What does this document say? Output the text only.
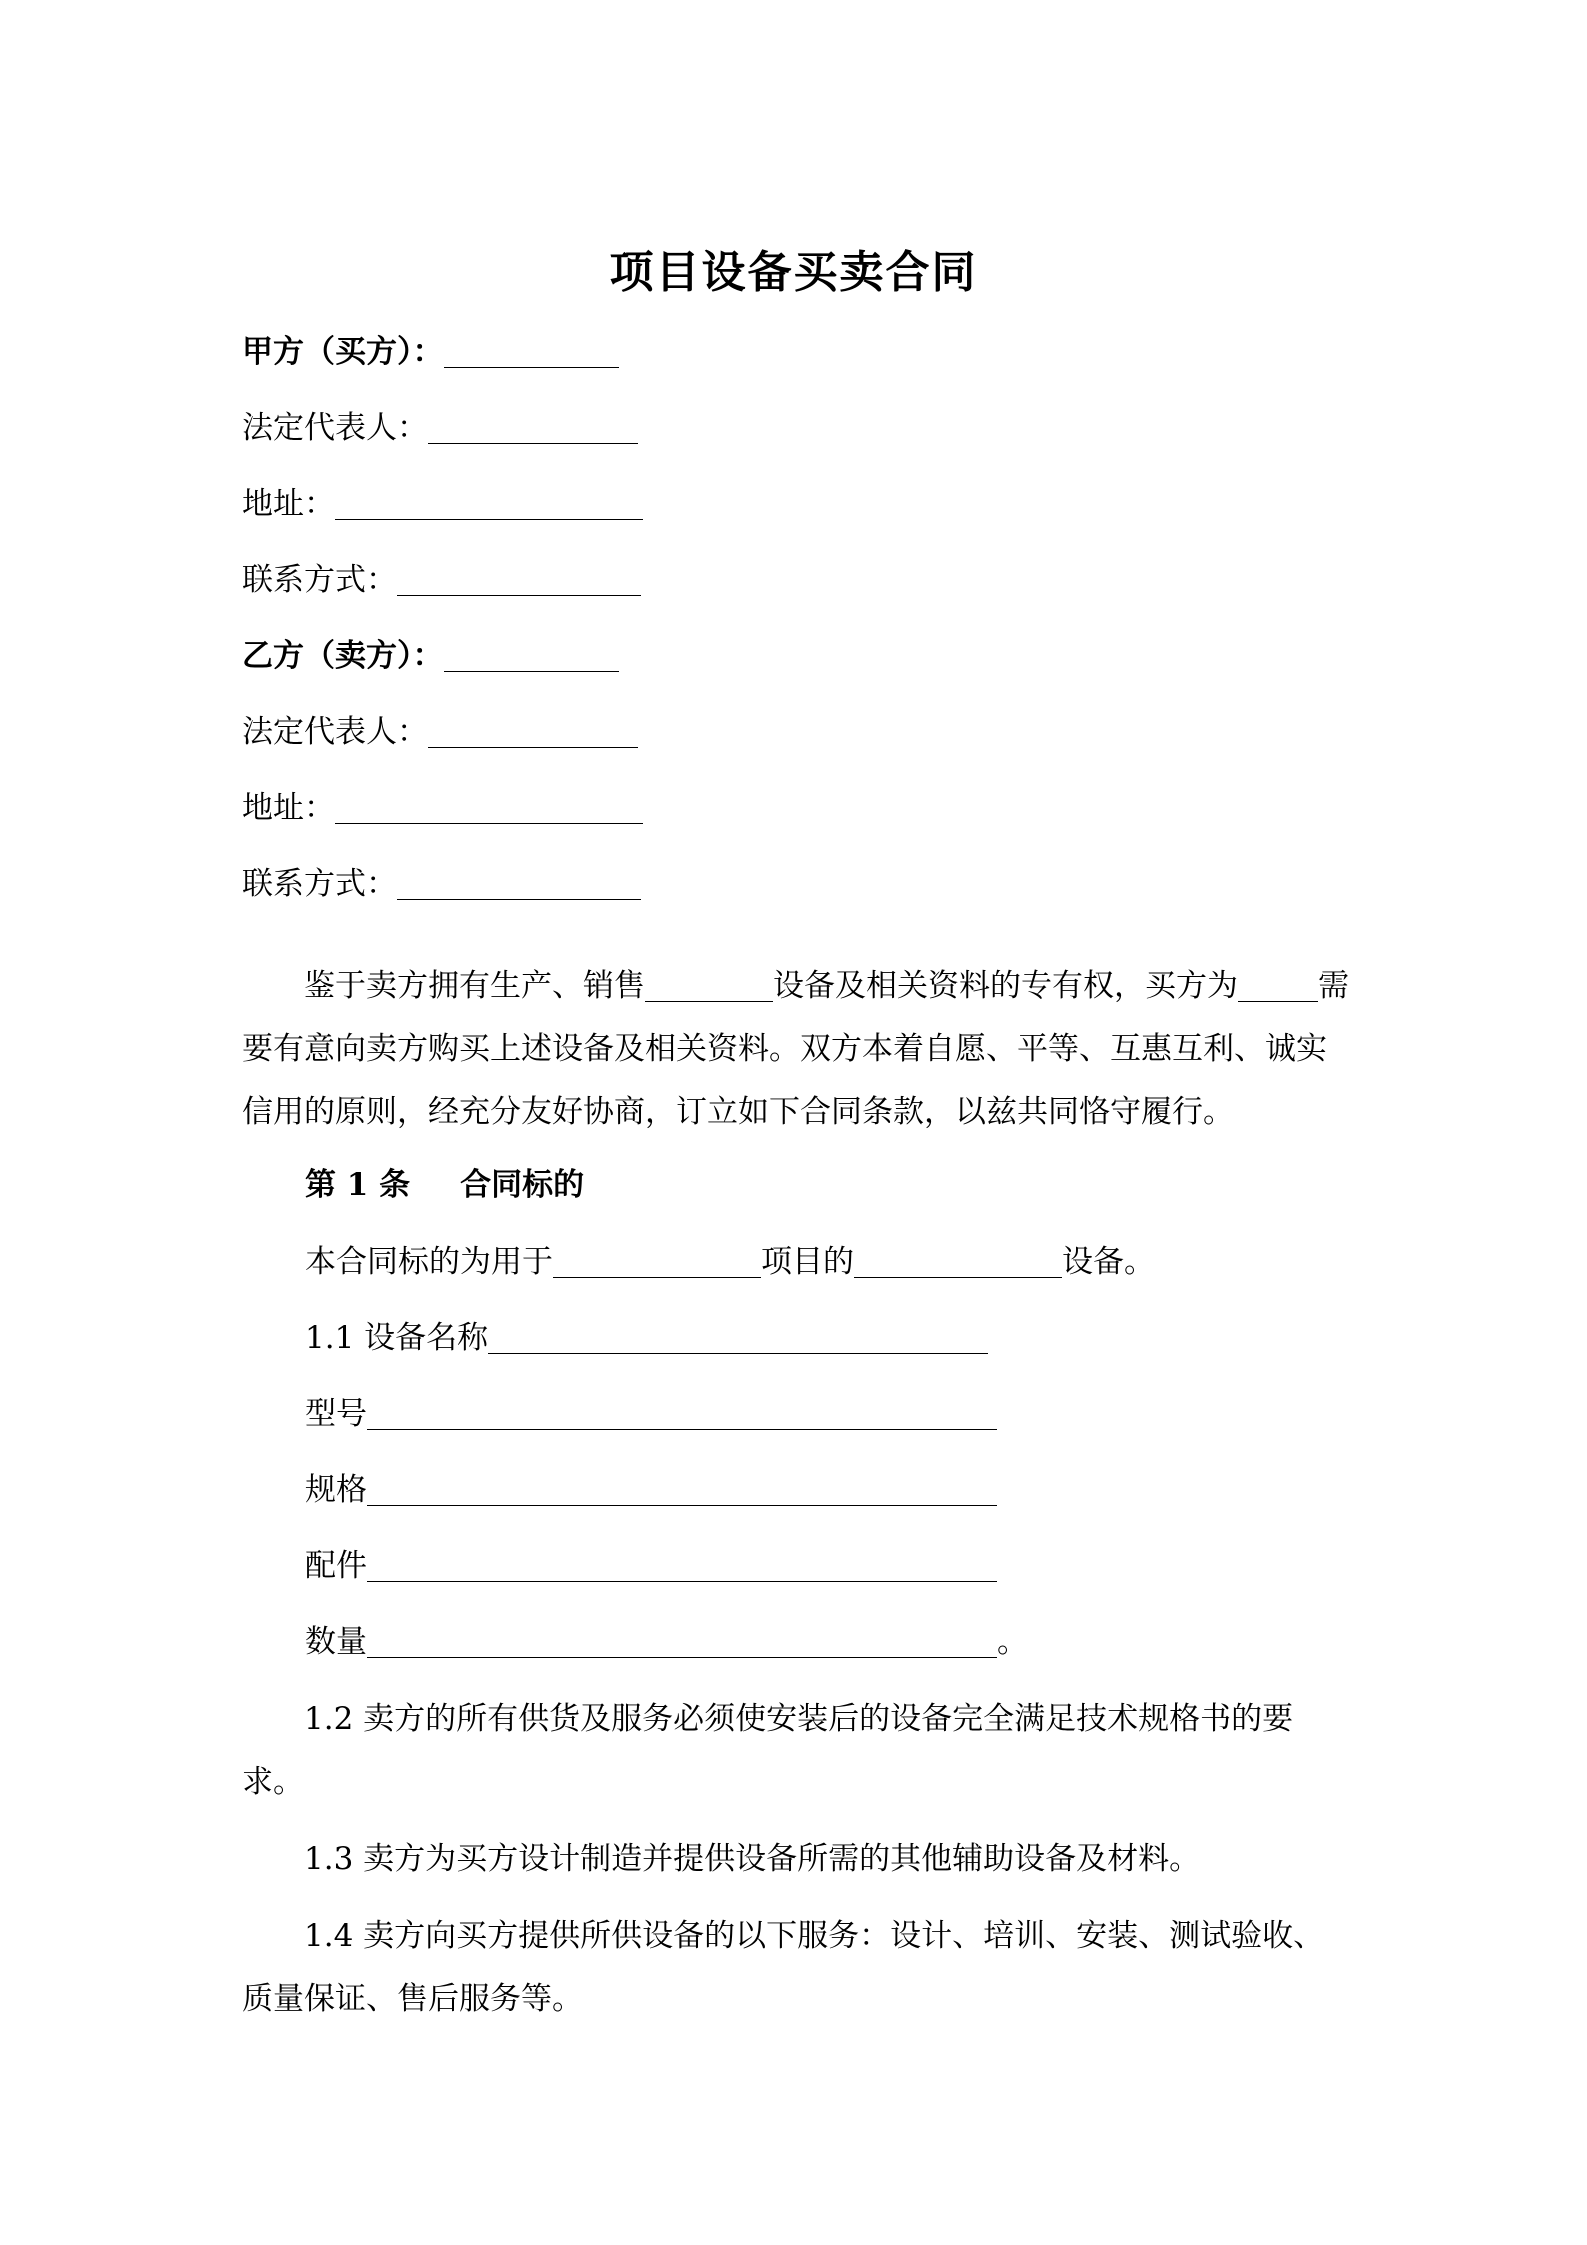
项目设备买卖合同
甲方（买方）：
法定代表人：
地址：
联系方式：
乙方（卖方）：
法定代表人：
地址：
联系方式：
鉴于卖方拥有生产、销售	设备及相关资料的专有权，买方为	需要有意向卖方购买上述设备及相关资料。双方本着自愿、平等、互惠互利、诚实信用的原则，经充分友好协商，订立如下合同条款，以兹共同恪守履行。
第 1 条 合同标的
本合同标的为用于	项目的	设备。
1.1 设备名称
型号
规格
配件
数量	。
1.2 卖方的所有供货及服务必须使安装后的设备完全满足技术规格书的要求。
1.3 卖方为买方设计制造并提供设备所需的其他辅助设备及材料。
1.4 卖方向买方提供所供设备的以下服务：设计、培训、安装、测试验收、质量保证、售后服务等。
